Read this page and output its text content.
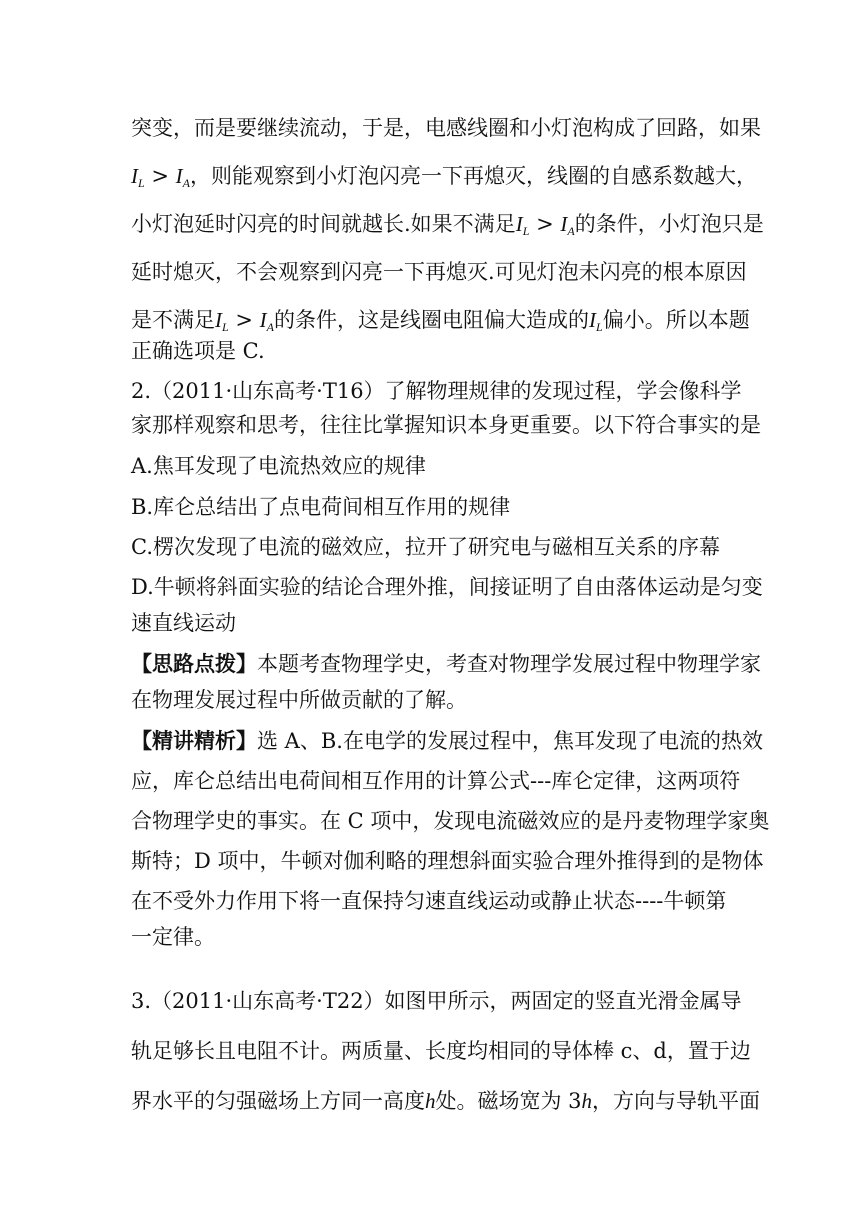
突变，而是要继续流动，于是，电感线圈和小灯泡构成了回路，如果
$I_L > I_A$，则能观察到小灯泡闪亮一下再熄灭，线圈的自感系数越大，
小灯泡延时闪亮的时间就越长.如果不满足$I_L > I_A$的条件，小灯泡只是
延时熄灭，不会观察到闪亮一下再熄灭.可见灯泡未闪亮的根本原因
是不满足$I_L > I_A$的条件，这是线圈电阻偏大造成的$I_L$偏小。所以本题
正确选项是 C.
2.（2011·山东高考·T16）了解物理规律的发现过程，学会像科学
家那样观察和思考，往往比掌握知识本身更重要。以下符合事实的是
A.焦耳发现了电流热效应的规律
B.库仑总结出了点电荷间相互作用的规律
C.楞次发现了电流的磁效应，拉开了研究电与磁相互关系的序幕
D.牛顿将斜面实验的结论合理外推，间接证明了自由落体运动是匀变
速直线运动
【思路点拨】本题考查物理学史，考查对物理学发展过程中物理学家
在物理发展过程中所做贡献的了解。
【精讲精析】选 A、B.在电学的发展过程中，焦耳发现了电流的热效
应，库仑总结出电荷间相互作用的计算公式---库仑定律，这两项符
合物理学史的事实。在 C 项中，发现电流磁效应的是丹麦物理学家奥
斯特；D 项中，牛顿对伽利略的理想斜面实验合理外推得到的是物体
在不受外力作用下将一直保持匀速直线运动或静止状态----牛顿第
一定律。
3.（2011·山东高考·T22）如图甲所示，两固定的竖直光滑金属导
轨足够长且电阻不计。两质量、长度均相同的导体棒 c、d，置于边
界水平的匀强磁场上方同一高度h处。磁场宽为 3h，方向与导轨平面
